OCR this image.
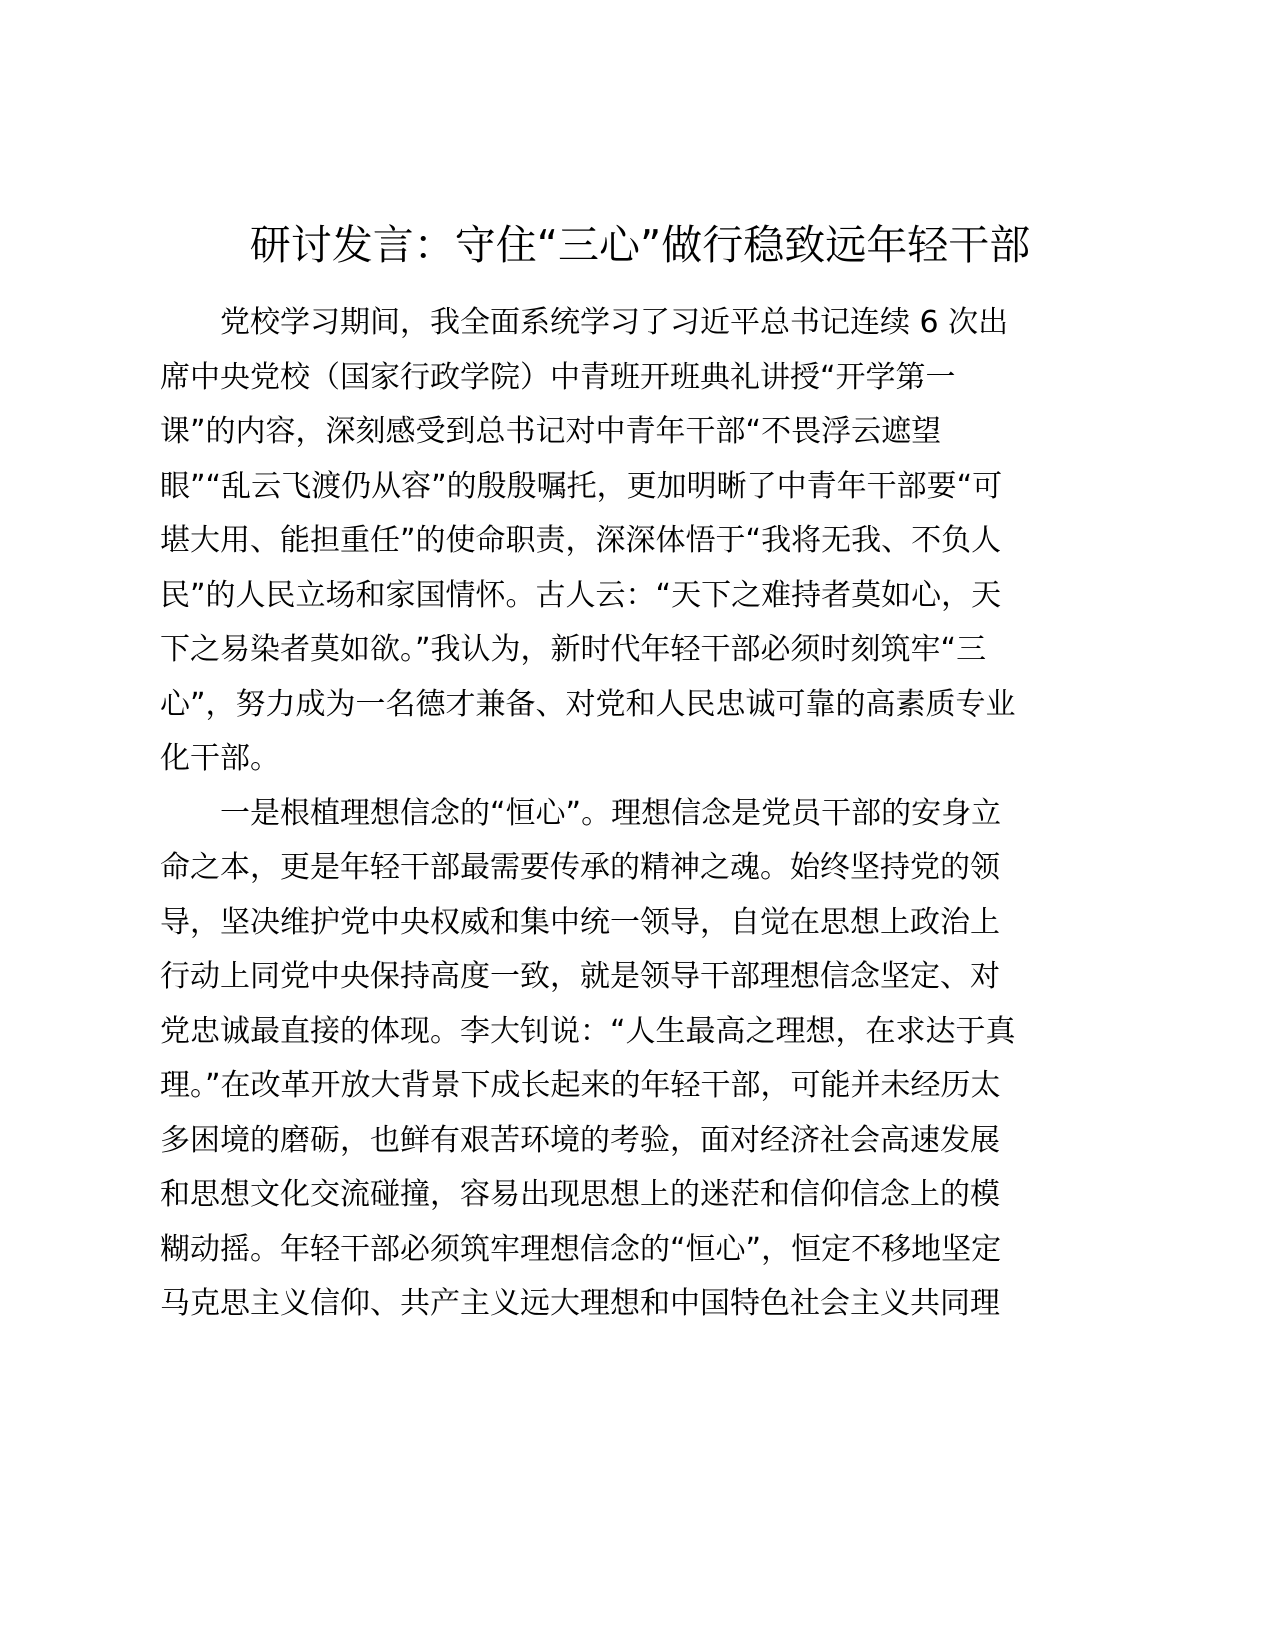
研讨发言：守住“三心”做行稳致远年轻干部
党校学习期间，我全面系统学习了习近平总书记连续 6 次出
席中央党校（国家行政学院）中青班开班典礼讲授“开学第一
课”的内容，深刻感受到总书记对中青年干部“不畏浮云遮望
眼”“乱云飞渡仍从容”的殷殷嘱托，更加明晰了中青年干部要“可
堪大用、能担重任”的使命职责，深深体悟于“我将无我、不负人
民”的人民立场和家国情怀。古人云：“天下之难持者莫如心，天
下之易染者莫如欲。”我认为，新时代年轻干部必须时刻筑牢“三
心”，努力成为一名德才兼备、对党和人民忠诚可靠的高素质专业
化干部。
一是根植理想信念的“恒心”。理想信念是党员干部的安身立
命之本，更是年轻干部最需要传承的精神之魂。始终坚持党的领
导，坚决维护党中央权威和集中统一领导，自觉在思想上政治上
行动上同党中央保持高度一致，就是领导干部理想信念坚定、对
党忠诚最直接的体现。李大钊说：“人生最高之理想，在求达于真
理。”在改革开放大背景下成长起来的年轻干部，可能并未经历太
多困境的磨砺，也鲜有艰苦环境的考验，面对经济社会高速发展
和思想文化交流碰撞，容易出现思想上的迷茫和信仰信念上的模
糊动摇。年轻干部必须筑牢理想信念的“恒心”，恒定不移地坚定
马克思主义信仰、共产主义远大理想和中国特色社会主义共同理
